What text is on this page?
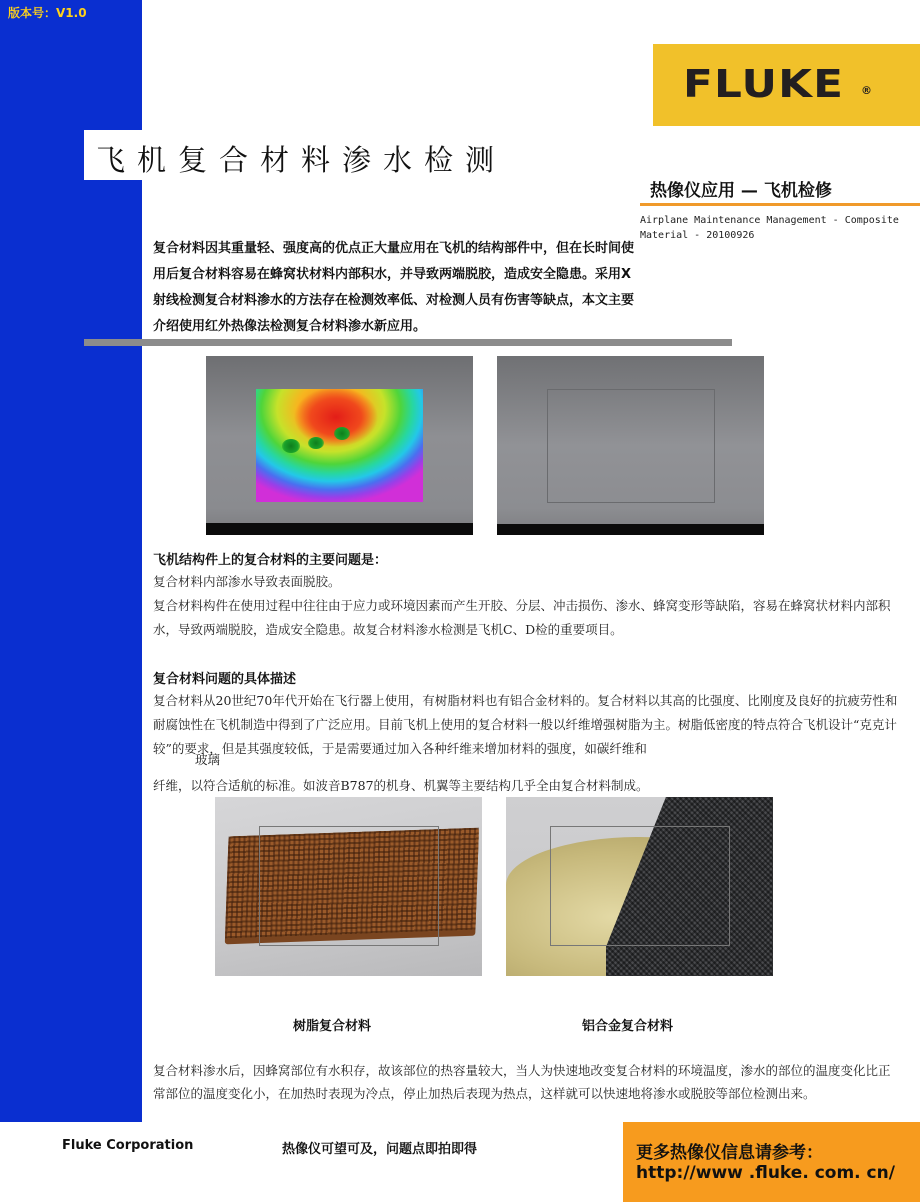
版本号：V1.0
FLUKE ®
飞机复合材料渗水检测
热像仪应用 — 飞机检修
Airplane Maintenance Management - Composite Material - 20100926
复合材料因其重量轻、强度高的优点正大量应用在飞机的结构部件中，但在长时间使用后复合材料容易在蜂窝状材料内部积水，并导致两端脱胶，造成安全隐患。采用X射线检测复合材料渗水的方法存在检测效率低、对检测人员有伤害等缺点，本文主要介绍使用红外热像法检测复合材料渗水新应用。
飞机结构件上的复合材料的主要问题是：
复合材料内部渗水导致表面脱胶。
复合材料构件在使用过程中往往由于应力或环境因素而产生开胶、分层、冲击损伤、渗水、蜂窝变形等缺陷，容易在蜂窝状材料内部积水，导致两端脱胶，造成安全隐患。故复合材料渗水检测是飞机C、D检的重要项目。
复合材料问题的具体描述
复合材料从20世纪70年代开始在飞行器上使用，有树脂材料也有铝合金材料的。复合材料以其高的比强度、比刚度及良好的抗疲劳性和耐腐蚀性在飞机制造中得到了广泛应用。目前飞机上使用的复合材料一般以纤维增强树脂为主。树脂低密度的特点符合飞机设计“克克计较”的要求，但是其强度较低，于是需要通过加入各种纤维来增加材料的强度，如碳纤维和
玻璃
纤维，以符合适航的标准。如波音B787的机身、机翼等主要结构几乎全由复合材料制成。
树脂复合材料	铝合金复合材料
复合材料渗水后，因蜂窝部位有水积存，故该部位的热容量较大，当人为快速地改变复合材料的环境温度，渗水的部位的温度变化比正常部位的温度变化小，在加热时表现为冷点，停止加热后表现为热点，这样就可以快速地将渗水或脱胶等部位检测出来。
Fluke Corporation	热像仪可望可及，问题点即拍即得	更多热像仪信息请参考：
http://www .fluke. com. cn/
